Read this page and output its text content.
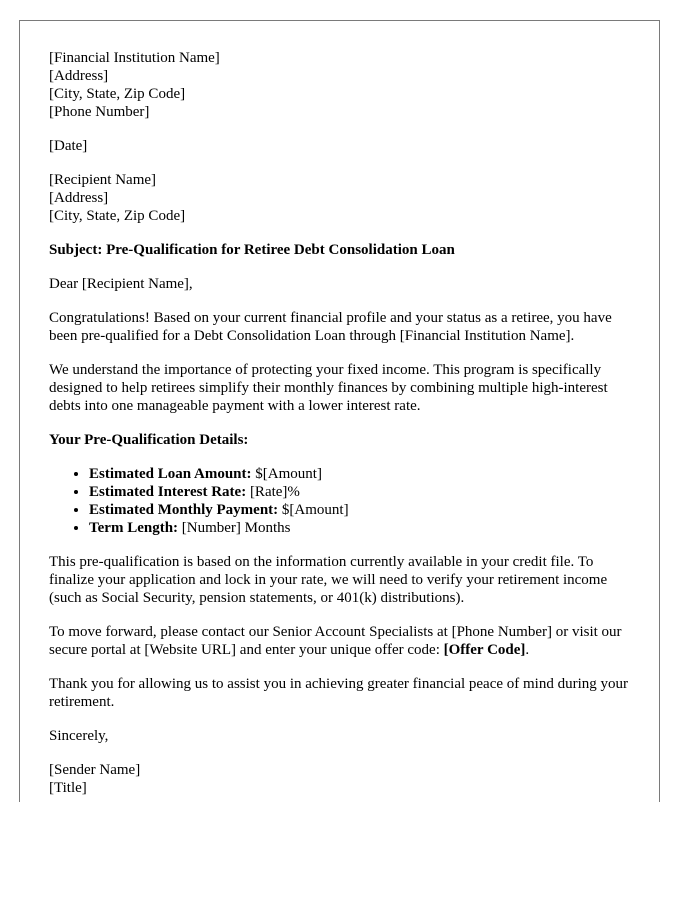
[Financial Institution Name]
[Address]
[City, State, Zip Code]
[Phone Number]
[Date]
[Recipient Name]
[Address]
[City, State, Zip Code]

Subject: Pre-Qualification for Retiree Debt Consolidation Loan

Dear [Recipient Name],

Congratulations! Based on your current financial profile and your status as a retiree, you have been pre-qualified for a Debt Consolidation Loan through [Financial Institution Name].

We understand the importance of protecting your fixed income. This program is specifically designed to help retirees simplify their monthly finances by combining multiple high-interest debts into one manageable payment with a lower interest rate.

Your Pre-Qualification Details:
• Estimated Loan Amount: $[Amount]
• Estimated Interest Rate: [Rate]%
• Estimated Monthly Payment: $[Amount]
• Term Length: [Number] Months

This pre-qualification is based on the information currently available in your credit file. To finalize your application and lock in your rate, we will need to verify your retirement income (such as Social Security, pension statements, or 401(k) distributions).

To move forward, please contact our Senior Account Specialists at [Phone Number] or visit our secure portal at [Website URL] and enter your unique offer code: [Offer Code].

Thank you for allowing us to assist you in achieving greater financial peace of mind during your retirement.

Sincerely,

[Sender Name]
[Title]
